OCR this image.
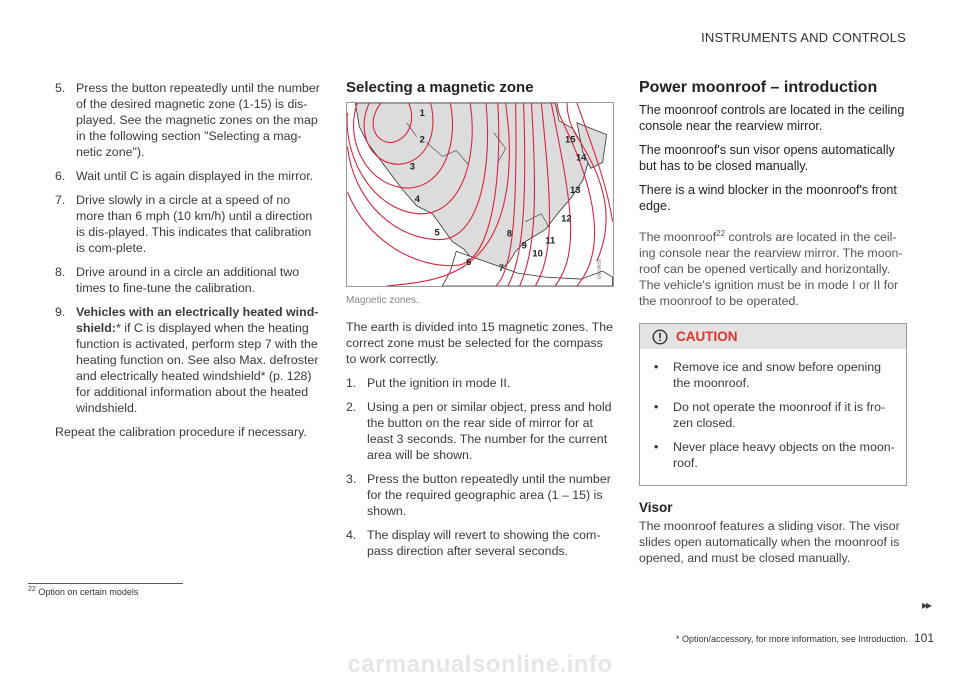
INSTRUMENTS AND CONTROLS
5. Press the button repeatedly until the number of the desired magnetic zone (1-15) is dis-played. See the magnetic zones on the map in the following section "Selecting a mag-netic zone").
6. Wait until C is again displayed in the mirror.
7. Drive slowly in a circle at a speed of no more than 6 mph (10 km/h) until a direction is dis-played. This indicates that calibration is com-plete.
8. Drive around in a circle an additional two times to fine-tune the calibration.
9. Vehicles with an electrically heated wind-shield:* if C is displayed when the heating function is activated, perform step 7 with the heating function on. See also Max. defroster and electrically heated windshield* (p. 128) for additional information about the heated windshield.

Repeat the calibration procedure if necessary.

Selecting a magnetic zone
1
2
3
4
5
6
7
8
9
10
11
12
13
14
15
G018632
Magnetic zones.

The earth is divided into 15 magnetic zones. The correct zone must be selected for the compass to work correctly.

1. Put the ignition in mode II.
2. Using a pen or similar object, press and hold the button on the rear side of mirror for at least 3 seconds. The number for the current area will be shown.
3. Press the button repeatedly until the number for the required geographic area (1 – 15) is shown.
4. The display will revert to showing the com-pass direction after several seconds.
Power moonroof – introduction

The moonroof controls are located in the ceiling console near the rearview mirror.

The moonroof's sun visor opens automatically but has to be closed manually.

There is a wind blocker in the moonroof's front edge.

The moonroof$^{22}$ controls are located in the ceil-ing console near the rearview mirror. The moon-roof can be opened vertically and horizontally. The vehicle's ignition must be in mode I or II for the moonroof to be operated.

CAUTION
• Remove ice and snow before opening the moonroof.
• Do not operate the moonroof if it is fro-zen closed.
• Never place heavy objects on the moon-roof.
Visor

The moonroof features a sliding visor. The visor slides open automatically when the moonroof is opened, and must be closed manually.

$^{22}$ Option on certain models
▸▸
* Option/accessory, for more information, see Introduction. 101
carmanualsonline.info
